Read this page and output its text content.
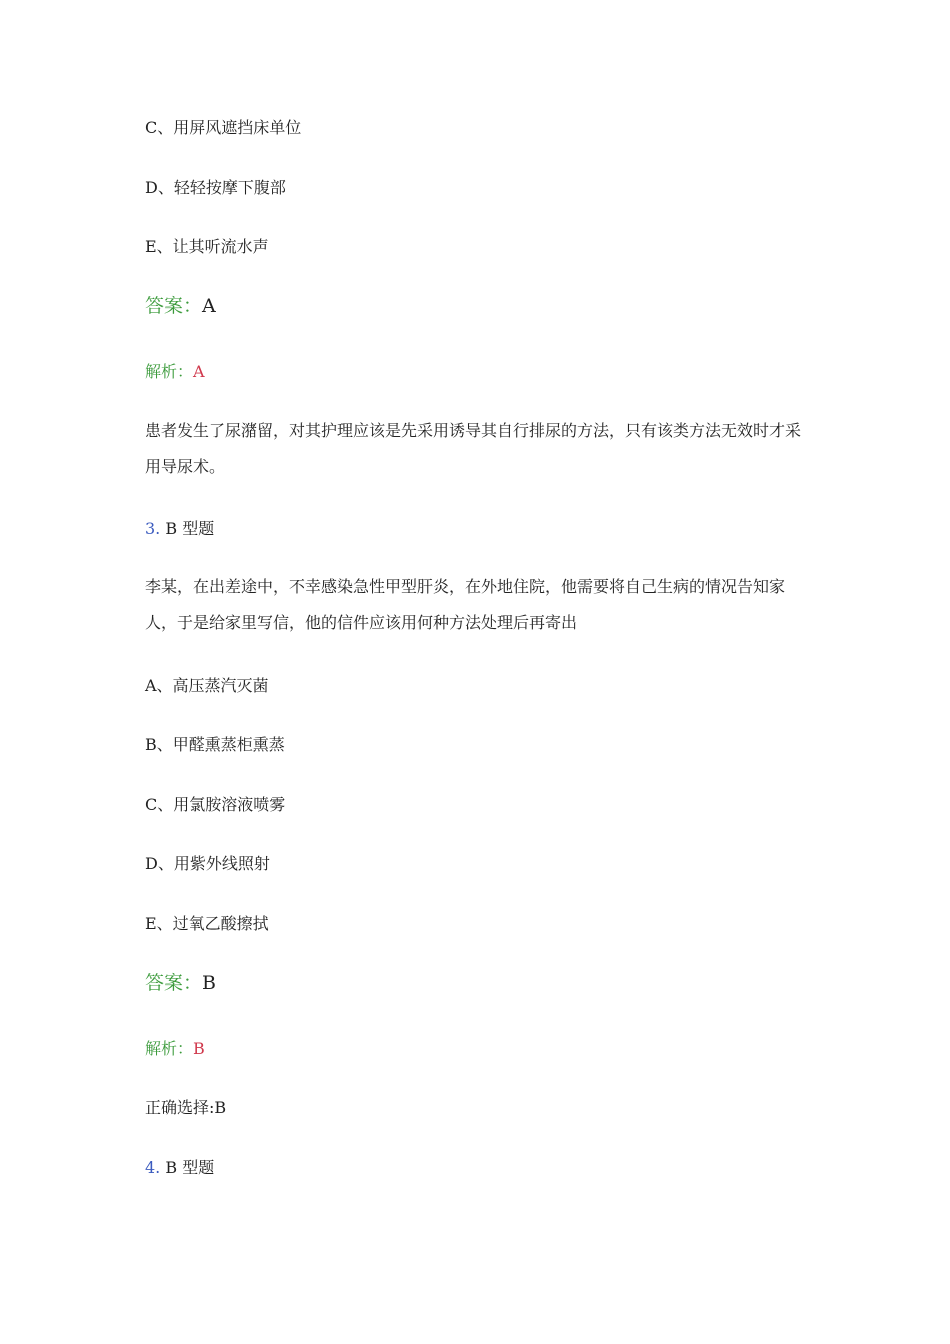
C、用屏风遮挡床单位
D、轻轻按摩下腹部
E、让其听流水声
答案：A
解析：A
患者发生了尿潴留，对其护理应该是先采用诱导其自行排尿的方法，只有该类方法无效时才采用导尿术。
3. B 型题
李某，在出差途中，不幸感染急性甲型肝炎，在外地住院，他需要将自己生病的情况告知家人，于是给家里写信，他的信件应该用何种方法处理后再寄出
A、高压蒸汽灭菌
B、甲醛熏蒸柜熏蒸
C、用氯胺溶液喷雾
D、用紫外线照射
E、过氧乙酸擦拭
答案：B
解析：B
正确选择:B
4. B 型题
